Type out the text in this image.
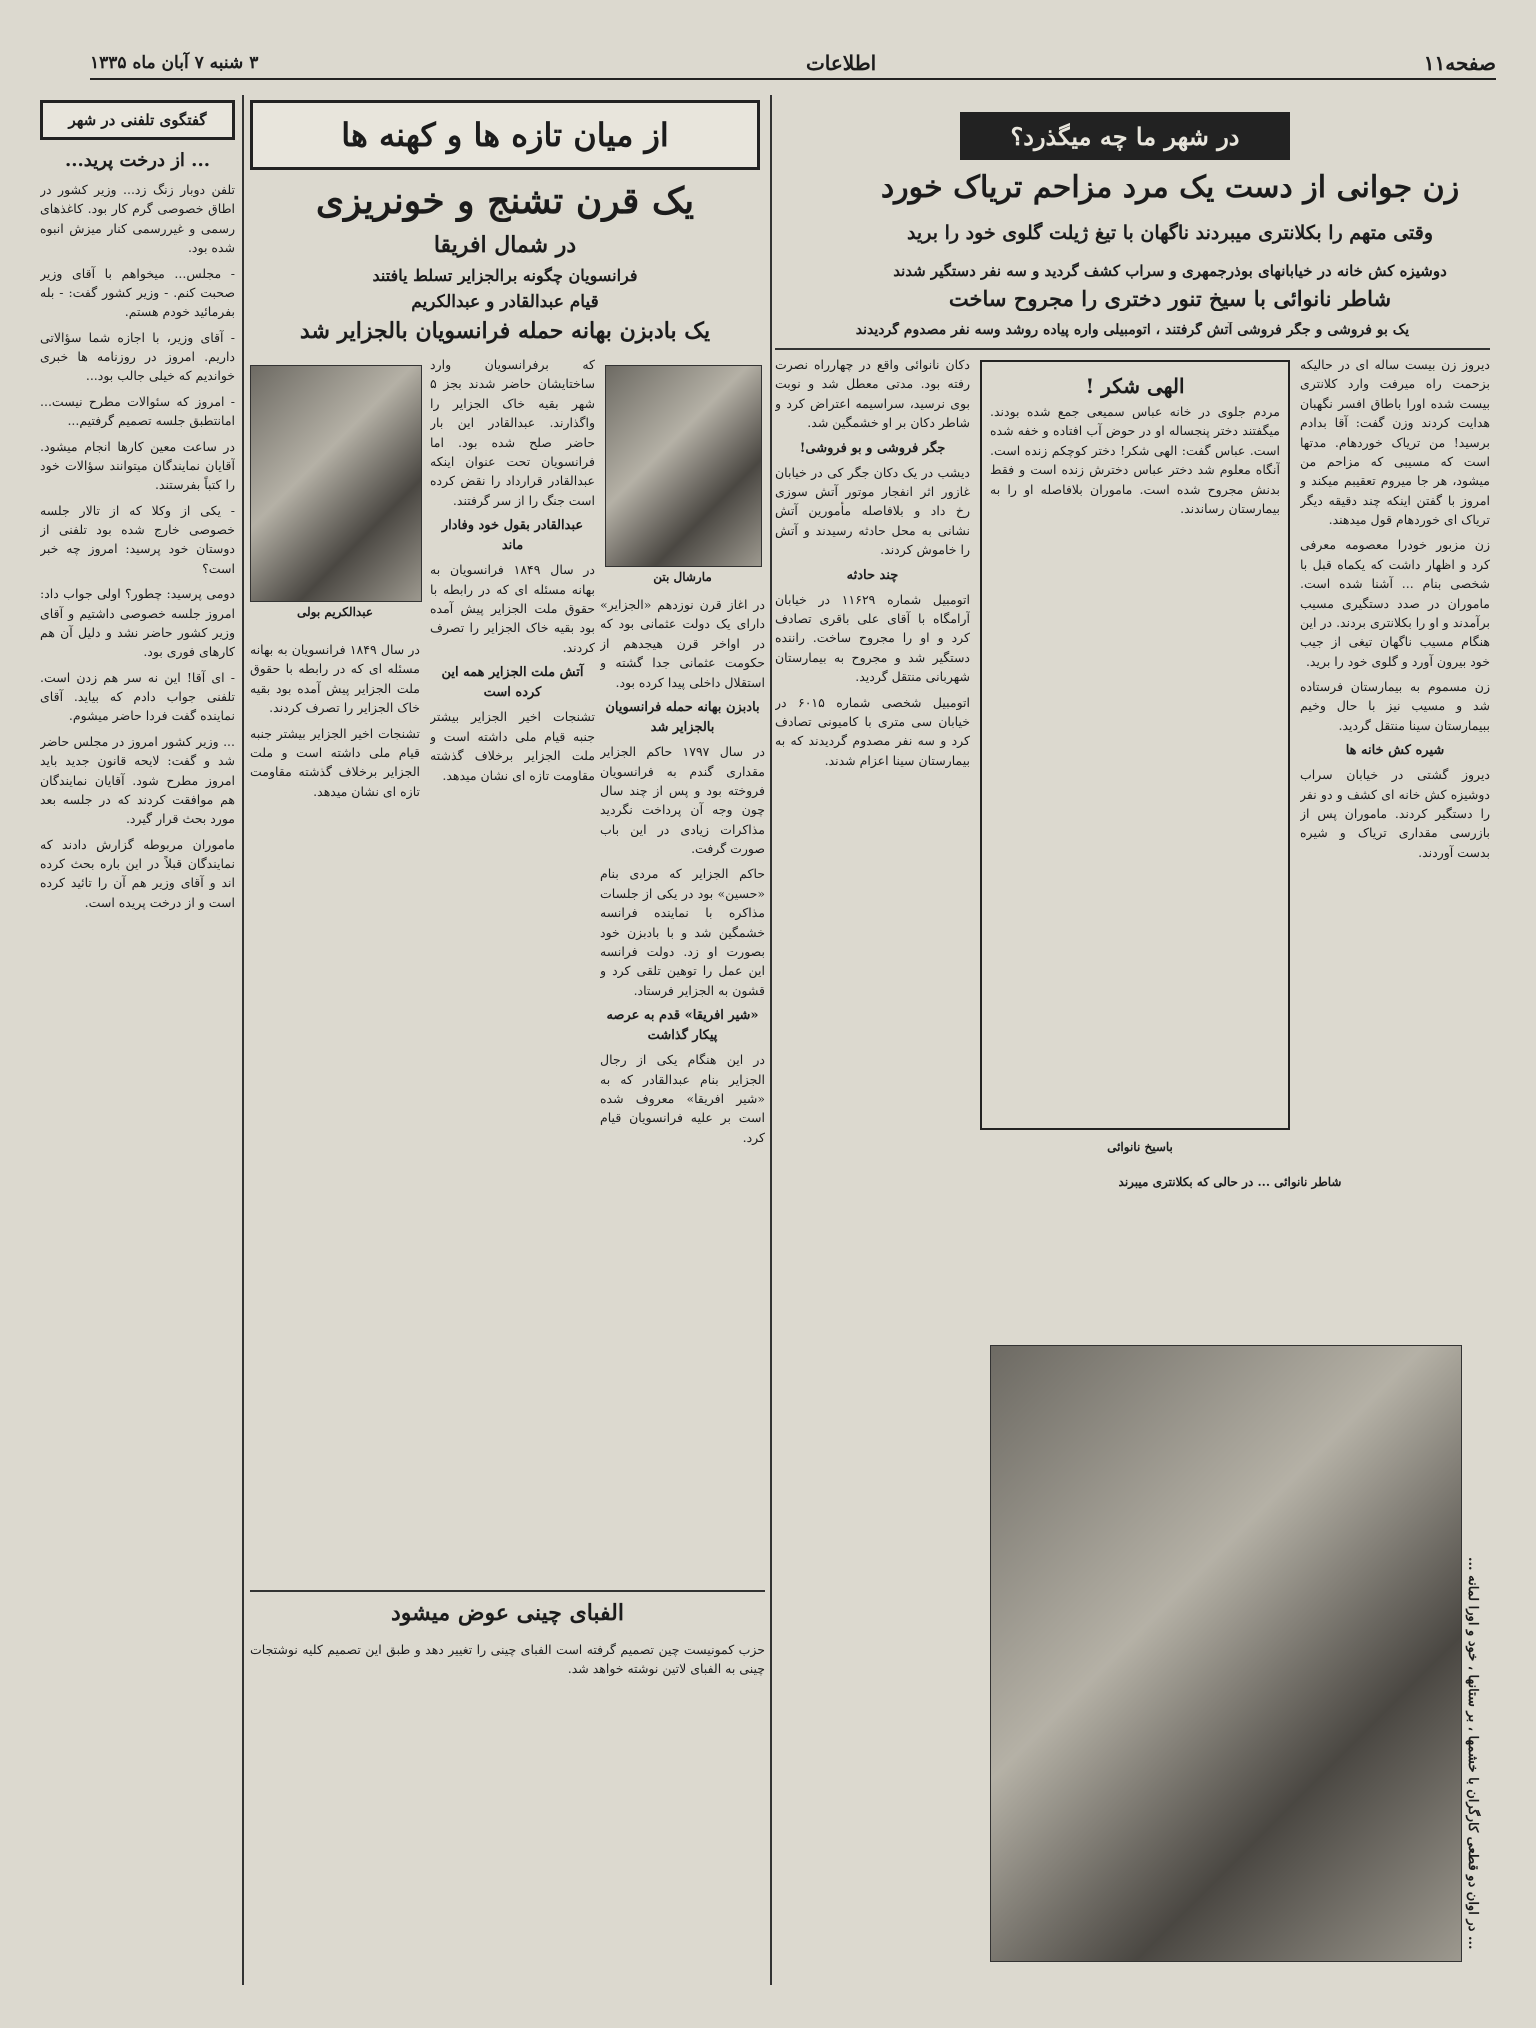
صفحه۱۱
اطلاعات
۳ شنبه ۷ آبان ماه ۱۳۳۵
در شهر ما چه میگذرد؟
زن جوانی از دست یک مرد مزاحم تریاک خورد
وقتی متهم را بکلانتری میبردند ناگهان با تیغ ژیلت گلوی خود را برید
دوشیزه کش خانه در خیابانهای بوذرجمهری و سراب کشف گردید و سه نفر دستگیر شدند
شاطر نانوائی با سیخ تنور دختری را مجروح ساخت
یک بو فروشی و جگر فروشی آتش گرفتند ، اتومبیلی واره پیاده روشد وسه نفر مصدوم گردیدند

دیروز زن بیست ساله ای در حالیکه بزحمت راه میرفت وارد کلانتری بیست شده اورا باطاق افسر نگهبان هدایت کردند وزن گفت: آقا بدادم برسید! من تریاک خوردهام. مدتها است که مسیبی که مزاحم من میشود، هر جا میروم تعقیبم میکند و امروز با گفتن اینکه چند دقیقه دیگر تریاک ای خوردهام قول میدهند.

زن مزبور خودرا معصومه معرفی کرد و اظهار داشت که یکماه قبل با شخصی بنام ... آشنا شده است. ماموران در صدد دستگیری مسیب برآمدند و او را بکلانتری بردند. در این هنگام مسیب ناگهان تیغی از جیب خود بیرون آورد و گلوی خود را برید.

زن مسموم به بیمارستان فرستاده شد و مسیب نیز با حال وخیم ببیمارستان سینا منتقل گردید.

شیره کش خانه ها

دیروز گشتی در خیابان سراب دوشیزه کش خانه ای کشف و دو نفر را دستگیر کردند. ماموران پس از بازرسی مقداری تریاک و شیره بدست آوردند.

الهی شکر !

مردم جلوی در خانه عباس سمیعی جمع شده بودند. میگفتند دختر پنجساله او در حوض آب افتاده و خفه شده است. عباس گفت: الهی شکر! دختر کوچکم زنده است. آنگاه معلوم شد دختر عباس دخترش زنده است و فقط بدنش مجروح شده است. ماموران بلافاصله او را به بیمارستان رساندند.

باسیخ نانوائی

دکان نانوائی واقع در چهارراه نصرت رفته بود. مدتی معطل شد و نوبت بوی نرسید، سراسیمه اعتراض کرد و شاطر دکان بر او خشمگین شد.

جگر فروشی و بو فروشی!

دیشب در یک دکان جگر کی در خیابان غازور اثر انفجار موتور آتش سوزی رخ داد و بلافاصله مأمورین آتش نشانی به محل حادثه رسیدند و آتش را خاموش کردند.

چند حادثه

اتومبیل شماره ۱۱۶۲۹ در خیابان آرامگاه با آقای علی باقری تصادف کرد و او را مجروح ساخت. راننده دستگیر شد و مجروح به بیمارستان شهربانی منتقل گردید.

اتومبیل شخصی شماره ۶۰۱۵ در خیابان سی متری با کامیونی تصادف کرد و سه نفر مصدوم گردیدند که به بیمارستان سینا اعزام شدند.

... در اوان دو قطعی کارگران با خشمها ، بر ستانها ، خود و اورا لمانه ...
شاطر نانوائی ... در حالی که بکلانتری میبرند
از میان تازه ها و کهنه ها
یک قرن تشنج و خونریزی
در شمال افریقا
فرانسویان چگونه برالجزایر تسلط یافتند
قیام عبدالقادر و عبدالکریم
یک بادبزن بهانه حمله فرانسویان بالجزایر شد
مارشال بتن
عبدالکریم بولی

که برفرانسویان وارد ساختایشان حاضر شدند بجز ۵ شهر بقیه خاک الجزایر را واگذارند. عبدالقادر این بار حاضر صلح شده بود. اما فرانسویان تحت عنوان اینکه عبدالقادر قرارداد را نقض کرده است جنگ را از سر گرفتند.

عبدالقادر بقول خود وفادار ماند

در سال ۱۸۴۹ فرانسویان به بهانه مسئله ای که در رابطه با حقوق ملت الجزایر پیش آمده بود بقیه خاک الجزایر را تصرف کردند.

آتش ملت الجزایر همه این کرده است

تشنجات اخیر الجزایر بیشتر جنبه قیام ملی داشته است و ملت الجزایر برخلاف گذشته مقاومت تازه ای نشان میدهد.

در اغاز قرن نوزدهم «الجزایر» دارای یک دولت عثمانی بود که در اواخر قرن هیجدهم از حکومت عثمانی جدا گشته و استقلال داخلی پیدا کرده بود.

بادبزن بهانه حمله فرانسویان بالجزایر شد

در سال ۱۷۹۷ حاکم الجزایر مقداری گندم به فرانسویان فروخته بود و پس از چند سال چون وجه آن پرداخت نگردید مذاکرات زیادی در این باب صورت گرفت.

حاکم الجزایر که مردی بنام «حسین» بود در یکی از جلسات مذاکره با نماینده فرانسه خشمگین شد و با بادبزن خود بصورت او زد. دولت فرانسه این عمل را توهین تلقی کرد و قشون به الجزایر فرستاد.

«شیر افریقا» قدم به عرصه پیکار گذاشت

در این هنگام یکی از رجال الجزایر بنام عبدالقادر که به «شیر افریقا» معروف شده است بر علیه فرانسویان قیام کرد.

در سال ۱۸۴۹ فرانسویان به بهانه مسئله ای که در رابطه با حقوق ملت الجزایر پیش آمده بود بقیه خاک الجزایر را تصرف کردند.

تشنجات اخیر الجزایر بیشتر جنبه قیام ملی داشته است و ملت الجزایر برخلاف گذشته مقاومت تازه ای نشان میدهد.

الفبای چینی عوض میشود

حزب کمونیست چین تصمیم گرفته است الفبای چینی را تغییر دهد و طبق این تصمیم کلیه نوشتجات چینی به الفبای لاتین نوشته خواهد شد.

گفتگوی تلفنی در شهر
... از درخت پرید...

تلفن دوبار زنگ زد... وزیر کشور در اطاق خصوصی گرم کار بود. کاغذهای رسمی و غیررسمی کنار میزش انبوه شده بود.

- مجلس... میخواهم با آقای وزیر صحبت کنم. - وزیر کشور گفت: - بله بفرمائید خودم هستم.

- آقای وزیر، با اجازه شما سؤالاتی داریم. امروز در روزنامه ها خبری خواندیم که خیلی جالب بود...

- امروز که سئوالات مطرح نیست... امانتطبق جلسه تصمیم گرفتیم...

در ساعت معین کارها انجام میشود. آقایان نمایندگان میتوانند سؤالات خود را کتباً بفرستند.

- یکی از وکلا که از تالار جلسه خصوصی خارج شده بود تلفنی از دوستان خود پرسید: امروز چه خبر است؟

دومی پرسید: چطور؟ اولی جواب داد: امروز جلسه خصوصی داشتیم و آقای وزیر کشور حاضر نشد و دلیل آن هم کارهای فوری بود.

- ای آقا! این نه سر هم زدن است. تلفنی جواب دادم که بیاید. آقای نماینده گفت فردا حاضر میشوم.

... وزیر کشور امروز در مجلس حاضر شد و گفت: لایحه قانون جدید باید امروز مطرح شود. آقایان نمایندگان هم موافقت کردند که در جلسه بعد مورد بحث قرار گیرد.

ماموران مربوطه گزارش دادند که نمایندگان قبلاً در این باره بحث کرده اند و آقای وزیر هم آن را تائید کرده است و از درخت پریده است.
